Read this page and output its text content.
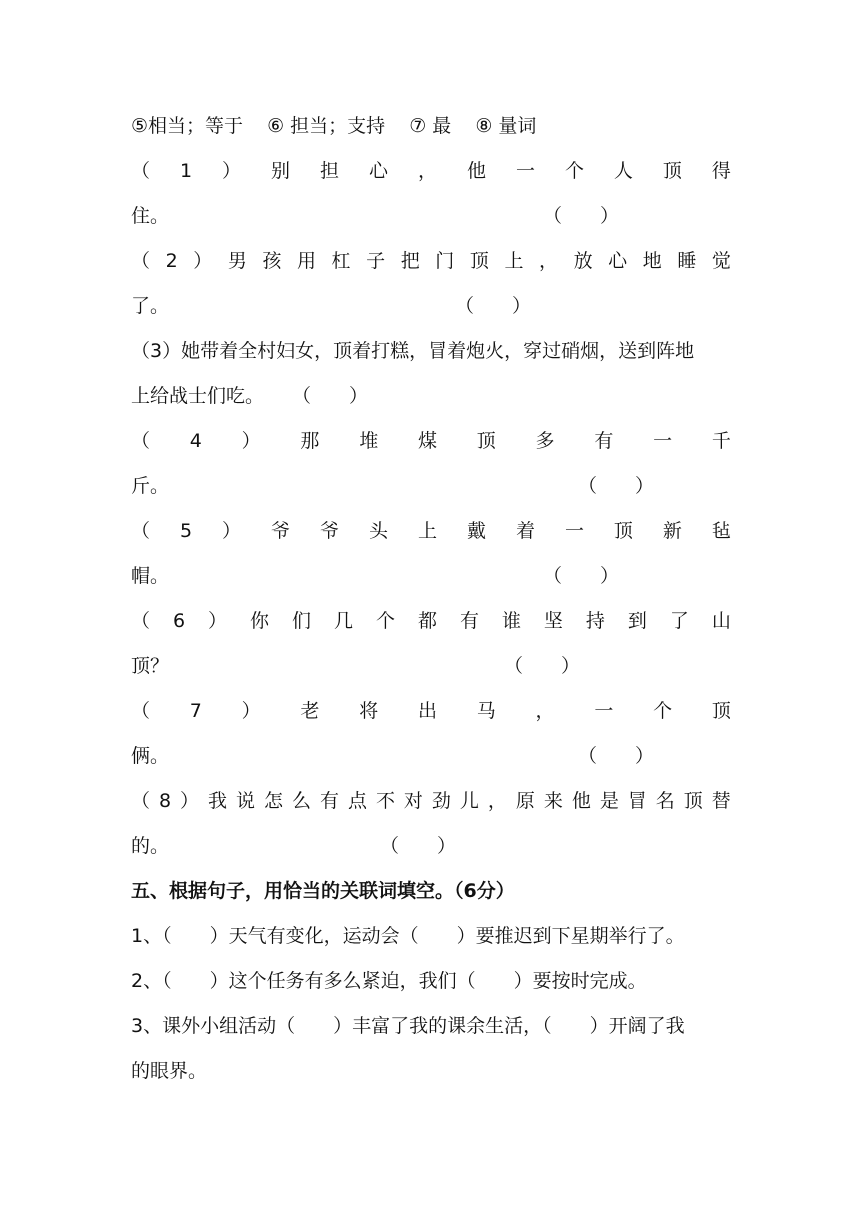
⑤相当；等于 ⑥ 担当；支持 ⑦ 最 ⑧ 量词
（ 1 ） 别 担 心 ， 他 一 个 人 顶 得
住。	（　　）
（ 2 ） 男 孩 用 杠 子 把 门 顶 上 ， 放 心 地 睡 觉
了。	（　　）
（3）她带着全村妇女，顶着打糕，冒着炮火，穿过硝烟，送到阵地
上给战士们吃。	（　　）
（ 4 ） 那 堆 煤 顶 多 有 一 千
斤。	（　　）
（ 5 ） 爷 爷 头 上 戴 着 一 顶 新 毡
帽。	（　　）
（ 6 ） 你 们 几 个 都 有 谁 坚 持 到 了 山
顶？	（　　）
（ 7 ） 老 将 出 马 ， 一 个 顶
俩。	（　　）
（ 8 ） 我 说 怎 么 有 点 不 对 劲 儿 ， 原 来 他 是 冒 名 顶 替
的。	（　　）
五、根据句子，用恰当的关联词填空。（6分）
1、（　　）天气有变化，运动会（　　）要推迟到下星期举行了。
2、（　　）这个任务有多么紧迫，我们（　　）要按时完成。
3、课外小组活动（　　）丰富了我的课余生活，（　　）开阔了我
的眼界。
